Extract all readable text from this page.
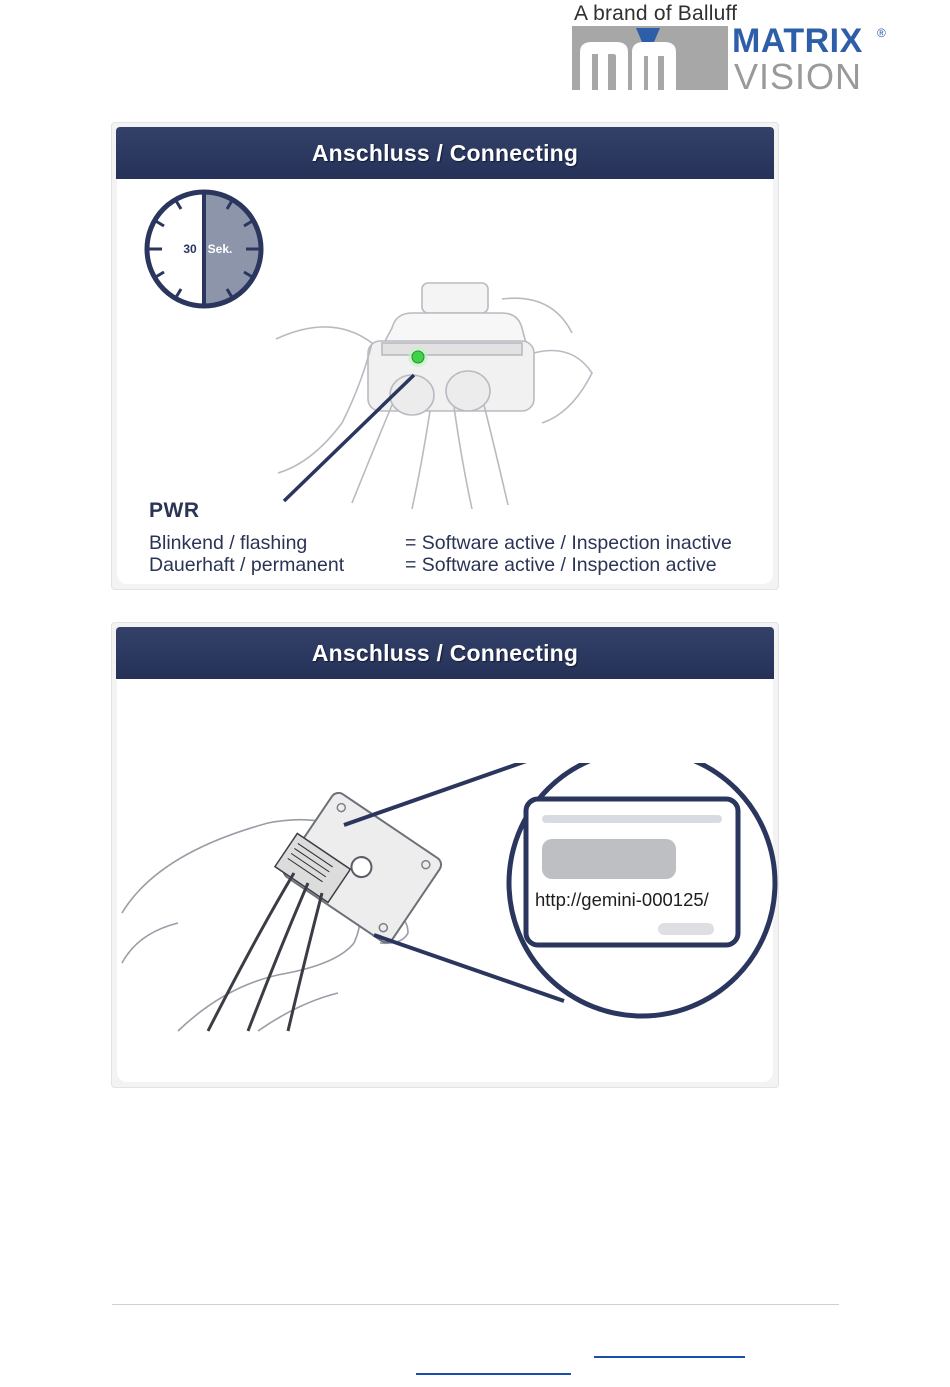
A brand of Balluff
MATRIX ®
VISION
Anschluss / Connecting
30 Sek.
PWR
Blinkend / flashing	= Software active / Inspection inactive
Dauerhaft / permanent	= Software active / Inspection active
Anschluss / Connecting
http://gemini-000125/
